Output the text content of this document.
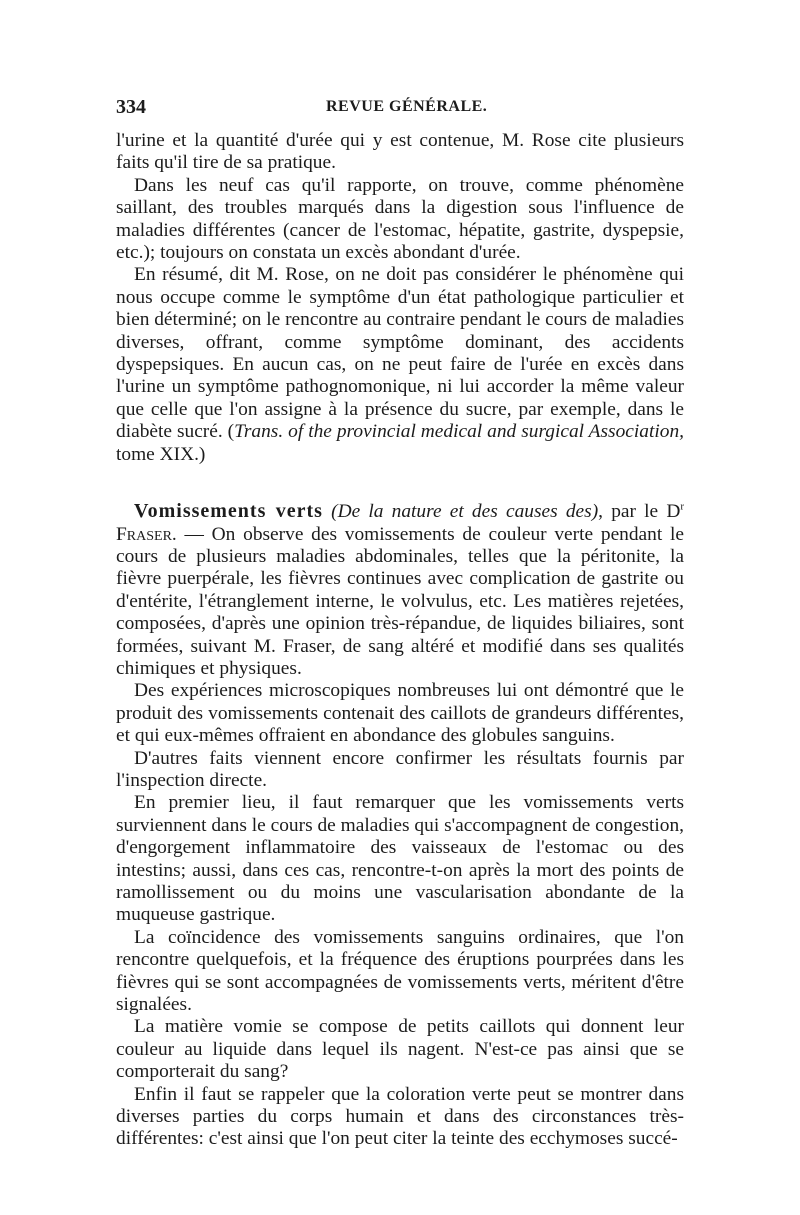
334	REVUE GÉNÉRALE.

l'urine et la quantité d'urée qui y est contenue, M. Rose cite plusieurs faits qu'il tire de sa pratique.

Dans les neuf cas qu'il rapporte, on trouve, comme phénomène saillant, des troubles marqués dans la digestion sous l'influence de maladies différentes (cancer de l'estomac, hépatite, gastrite, dyspepsie, etc.); toujours on constata un excès abondant d'urée.

En résumé, dit M. Rose, on ne doit pas considérer le phénomène qui nous occupe comme le symptôme d'un état pathologique particulier et bien déterminé; on le rencontre au contraire pendant le cours de maladies diverses, offrant, comme symptôme dominant, des accidents dyspepsiques. En aucun cas, on ne peut faire de l'urée en excès dans l'urine un symptôme pathognomonique, ni lui accorder la même valeur que celle que l'on assigne à la présence du sucre, par exemple, dans le diabète sucré. (Trans. of the provincial medical and surgical Association, tome XIX.)

Vomissements verts (De la nature et des causes des), par le $D^r$ Fraser. — On observe des vomissements de couleur verte pendant le cours de plusieurs maladies abdominales, telles que la péritonite, la fièvre puerpérale, les fièvres continues avec complication de gastrite ou d'entérite, l'étranglement interne, le volvulus, etc. Les matières rejetées, composées, d'après une opinion très-répandue, de liquides biliaires, sont formées, suivant M. Fraser, de sang altéré et modifié dans ses qualités chimiques et physiques.

Des expériences microscopiques nombreuses lui ont démontré que le produit des vomissements contenait des caillots de grandeurs différentes, et qui eux-mêmes offraient en abondance des globules sanguins.

D'autres faits viennent encore confirmer les résultats fournis par l'inspection directe.

En premier lieu, il faut remarquer que les vomissements verts surviennent dans le cours de maladies qui s'accompagnent de congestion, d'engorgement inflammatoire des vaisseaux de l'estomac ou des intestins; aussi, dans ces cas, rencontre-t-on après la mort des points de ramollissement ou du moins une vascularisation abondante de la muqueuse gastrique.

La coïncidence des vomissements sanguins ordinaires, que l'on rencontre quelquefois, et la fréquence des éruptions pourprées dans les fièvres qui se sont accompagnées de vomissements verts, méritent d'être signalées.

La matière vomie se compose de petits caillots qui donnent leur couleur au liquide dans lequel ils nagent. N'est-ce pas ainsi que se comporterait du sang?

Enfin il faut se rappeler que la coloration verte peut se montrer dans diverses parties du corps humain et dans des circonstances très-différentes: c'est ainsi que l'on peut citer la teinte des ecchymoses succé-
